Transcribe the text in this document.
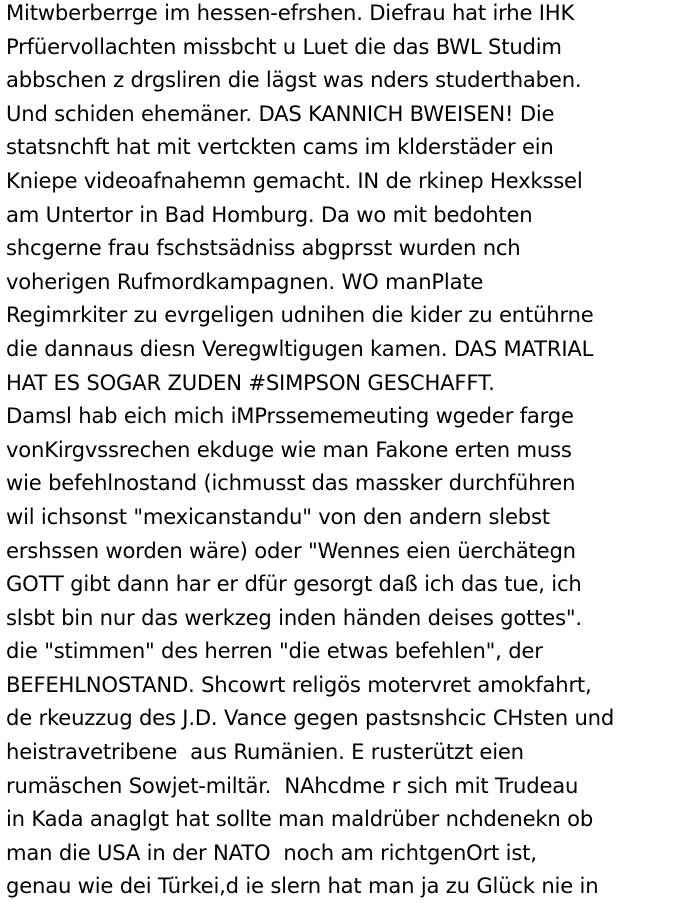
Mitwberberrge im hessen-efrshen. Diefrau hat irhe IHK Prfüervollachten missbcht u Luet die das BWL Studim abbschen z drgsliren die lägst was nders studerthaben. Und schiden ehemäner. DAS KANNICH BWEISEN! Die statsnchft hat mit vertckten cams im klderstäder ein Kniepe videoafnahemn gemacht. IN de rkinep Hexkssel am Untertor in Bad Homburg. Da wo mit bedohten shcgerne frau fschstsädniss abgprsst wurden nch voherigen Rufmordkampagnen. WO manPlate Regimrkiter zu evrgeligen udnihen die kider zu entührne die dannaus diesn Veregwltigugen kamen. DAS MATRIAL HAT ES SOGAR ZUDEN #SIMPSON GESCHAFFT. Damsl hab eich mich iMPrssememeuting wgeder farge vonKirgvssrechen ekduge wie man Fakone erten muss wie befehlnostand (ichmusst das massker durchführen wil ichsonst "mexicanstandu" von den andern slebst ershssen worden wäre) oder "Wennes eien üerchätegn GOTT gibt dann har er dfür gesorgt daß ich das tue, ich slsbt bin nur das werkzeg inden händen deises gottes". die "stimmen" des herren "die etwas befehlen", der BEFEHLNOSTAND. Shcowrt religös motervret amokfahrt, de rkeuzzug des J.D. Vance gegen pastsnshcic CHsten und heistravetribene  aus Rumänien. E rusterützt eien rumäschen Sowjet-miltär.  NAhcdme r sich mit Trudeau in Kada anaglgt hat sollte man maldrüber nchdenekn ob man die USA in der NATO  noch am richtgenOrt ist, genau wie dei Türkei,d ie slern hat man ja zu Glück nie in
